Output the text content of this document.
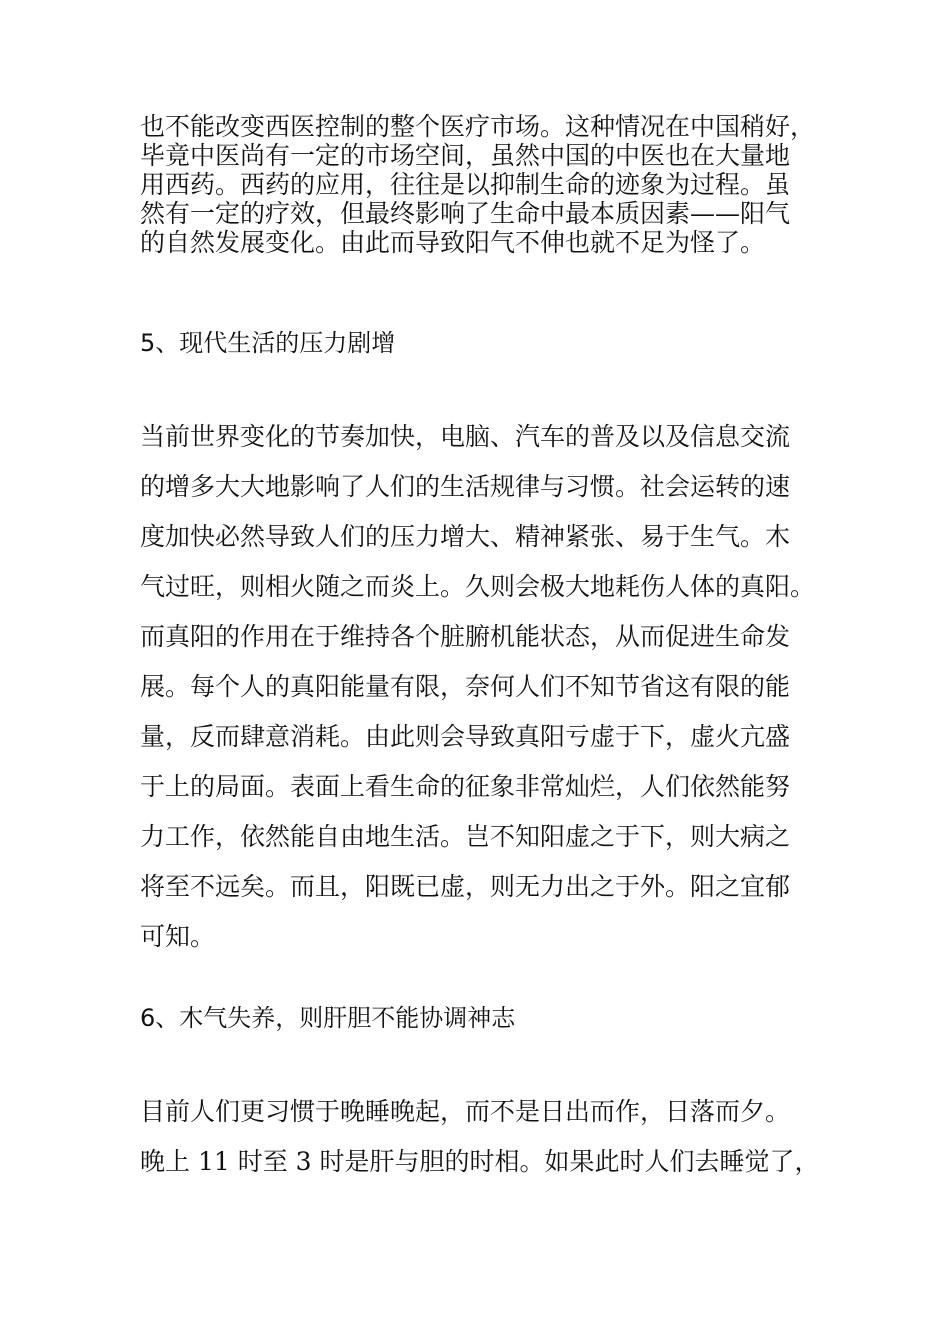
也不能改变西医控制的整个医疗市场。这种情况在中国稍好，
毕竟中医尚有一定的市场空间，虽然中国的中医也在大量地
用西药。西药的应用，往往是以抑制生命的迹象为过程。虽
然有一定的疗效，但最终影响了生命中最本质因素——阳气
的自然发展变化。由此而导致阳气不伸也就不足为怪了。
5、现代生活的压力剧增
当前世界变化的节奏加快，电脑、汽车的普及以及信息交流
的增多大大地影响了人们的生活规律与习惯。社会运转的速
度加快必然导致人们的压力增大、精神紧张、易于生气。木
气过旺，则相火随之而炎上。久则会极大地耗伤人体的真阳。
而真阳的作用在于维持各个脏腑机能状态，从而促进生命发
展。每个人的真阳能量有限，奈何人们不知节省这有限的能
量，反而肆意消耗。由此则会导致真阳亏虚于下，虚火亢盛
于上的局面。表面上看生命的征象非常灿烂，人们依然能努
力工作，依然能自由地生活。岂不知阳虚之于下，则大病之
将至不远矣。而且，阳既已虚，则无力出之于外。阳之宜郁
可知。
6、木气失养，则肝胆不能协调神志
目前人们更习惯于晚睡晚起，而不是日出而作，日落而夕。
晚上 11 时至 3 时是肝与胆的时相。如果此时人们去睡觉了，
